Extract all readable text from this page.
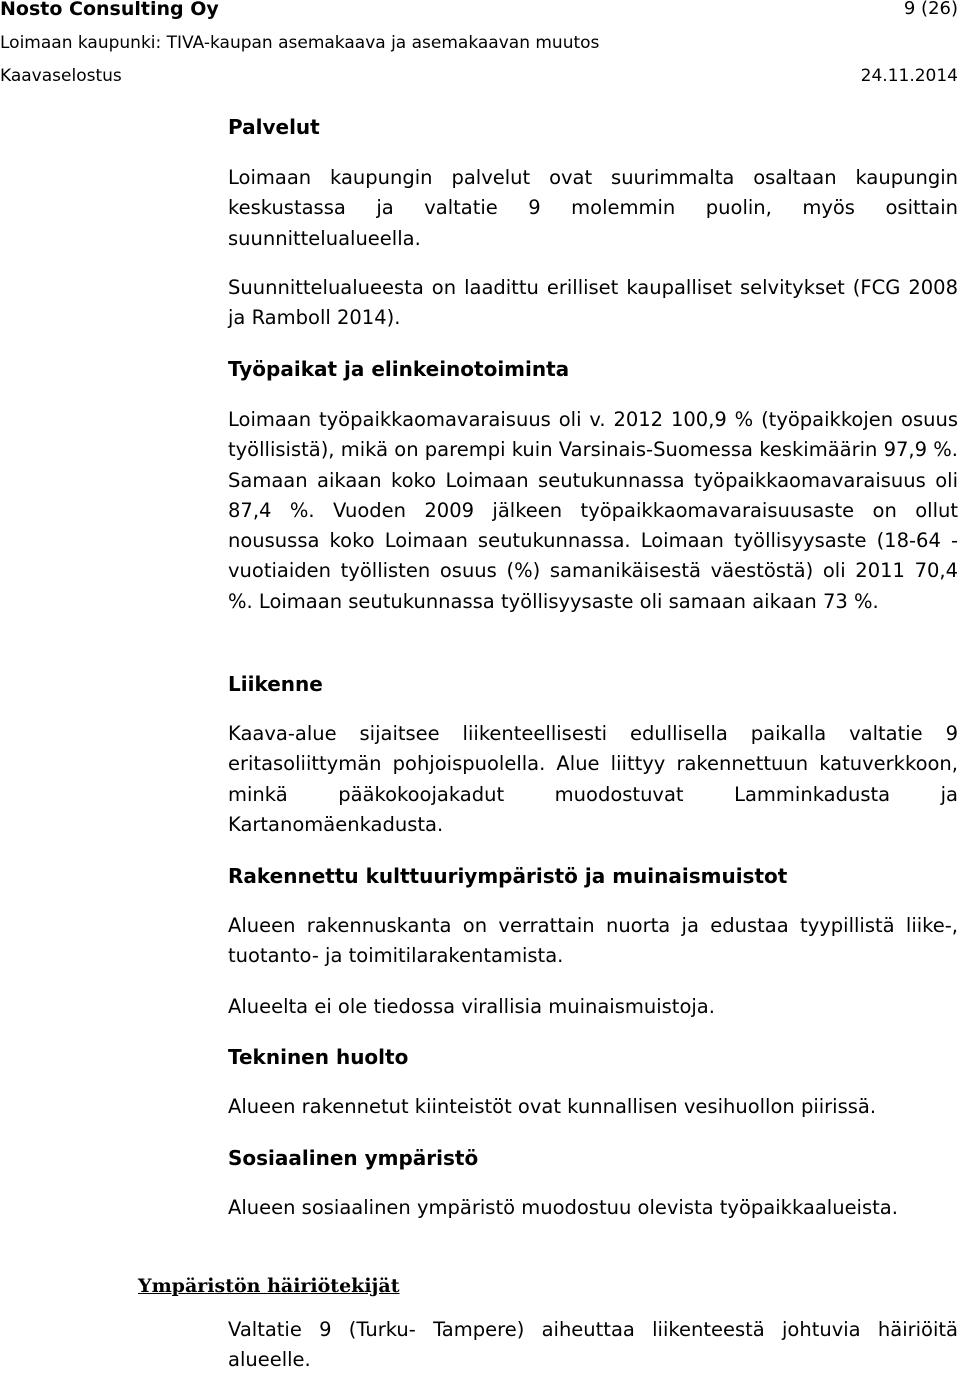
Nosto Consulting Oy	9 (26)
Loimaan kaupunki: TIVA-kaupan asemakaava ja asemakaavan muutos
Kaavaselostus	24.11.2014
Palvelut

Loimaan kaupungin palvelut ovat suurimmalta osaltaan kaupungin keskustassa ja valtatie 9 molemmin puolin, myös osittain suunnittelualueella.

Suunnittelualueesta on laadittu erilliset kaupalliset selvitykset (FCG 2008 ja Ramboll 2014).

Työpaikat ja elinkeinotoiminta

Loimaan työpaikkaomavaraisuus oli v. 2012 100,9 % (työpaikkojen osuus työllisistä), mikä on parempi kuin Varsinais-Suomessa keskimäärin 97,9 %. Samaan aikaan koko Loimaan seutukunnassa työpaikkaomavaraisuus oli 87,4 %. Vuoden 2009 jälkeen työpaikkaomavaraisuusaste on ollut nousussa koko Loimaan seutukunnassa. Loimaan työllisyysaste (18-64 -vuotiaiden työllisten osuus (%) samanikäisestä väestöstä) oli 2011 70,4 %. Loimaan seutukunnassa työllisyysaste oli samaan aikaan 73 %.

Liikenne

Kaava-alue sijaitsee liikenteellisesti edullisella paikalla valtatie 9 eritasoliittymän pohjoispuolella. Alue liittyy rakennettuun katuverkkoon, minkä pääkokoojakadut muodostuvat Lamminkadusta ja Kartanomäenkadusta.

Rakennettu kulttuuriympäristö ja muinaismuistot

Alueen rakennuskanta on verrattain nuorta ja edustaa tyypillistä liike-, tuotanto- ja toimitilarakentamista.

Alueelta ei ole tiedossa virallisia muinaismuistoja.

Tekninen huolto

Alueen rakennetut kiinteistöt ovat kunnallisen vesihuollon piirissä.

Sosiaalinen ympäristö

Alueen sosiaalinen ympäristö muodostuu olevista työpaikkaalueista.

Ympäristön häiriötekijät

Valtatie 9 (Turku- Tampere) aiheuttaa liikenteestä johtuvia häiriöitä alueelle.
